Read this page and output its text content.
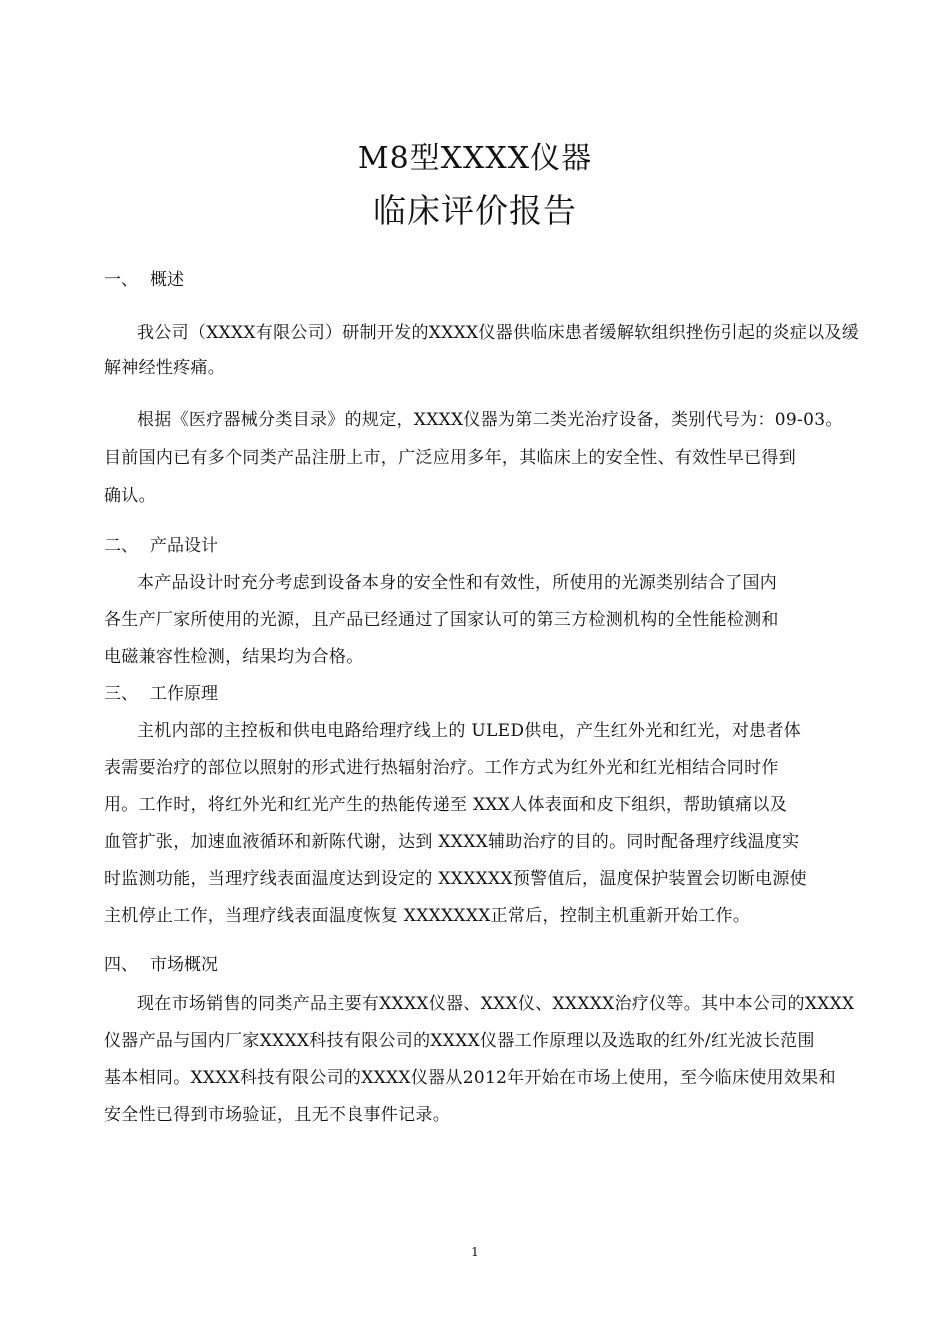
M8型XXXX仪器
临床评价报告
一、 概述
我公司（XXXX有限公司）研制开发的XXXX仪器供临床患者缓解软组织挫伤引起的炎症以及缓
解神经性疼痛。
根据《医疗器械分类目录》的规定，XXXX仪器为第二类光治疗设备，类别代号为：09-03。
目前国内已有多个同类产品注册上市，广泛应用多年，其临床上的安全性、有效性早已得到
确认。
二、 产品设计
本产品设计时充分考虑到设备本身的安全性和有效性，所使用的光源类别结合了国内
各生产厂家所使用的光源，且产品已经通过了国家认可的第三方检测机构的全性能检测和
电磁兼容性检测，结果均为合格。
三、 工作原理
主机内部的主控板和供电电路给理疗线上的 ULED供电，产生红外光和红光，对患者体
表需要治疗的部位以照射的形式进行热辐射治疗。工作方式为红外光和红光相结合同时作
用。工作时，将红外光和红光产生的热能传递至 XXX人体表面和皮下组织，帮助镇痛以及
血管扩张，加速血液循环和新陈代谢，达到 XXXX辅助治疗的目的。同时配备理疗线温度实
时监测功能，当理疗线表面温度达到设定的 XXXXXX预警值后，温度保护装置会切断电源使
主机停止工作，当理疗线表面温度恢复 XXXXXXX正常后，控制主机重新开始工作。
四、 市场概况
现在市场销售的同类产品主要有XXXX仪器、XXX仪、XXXXX治疗仪等。其中本公司的XXXX
仪器产品与国内厂家XXXX科技有限公司的XXXX仪器工作原理以及选取的红外/红光波长范围
基本相同。XXXX科技有限公司的XXXX仪器从2012年开始在市场上使用，至今临床使用效果和
安全性已得到市场验证，且无不良事件记录。
1
